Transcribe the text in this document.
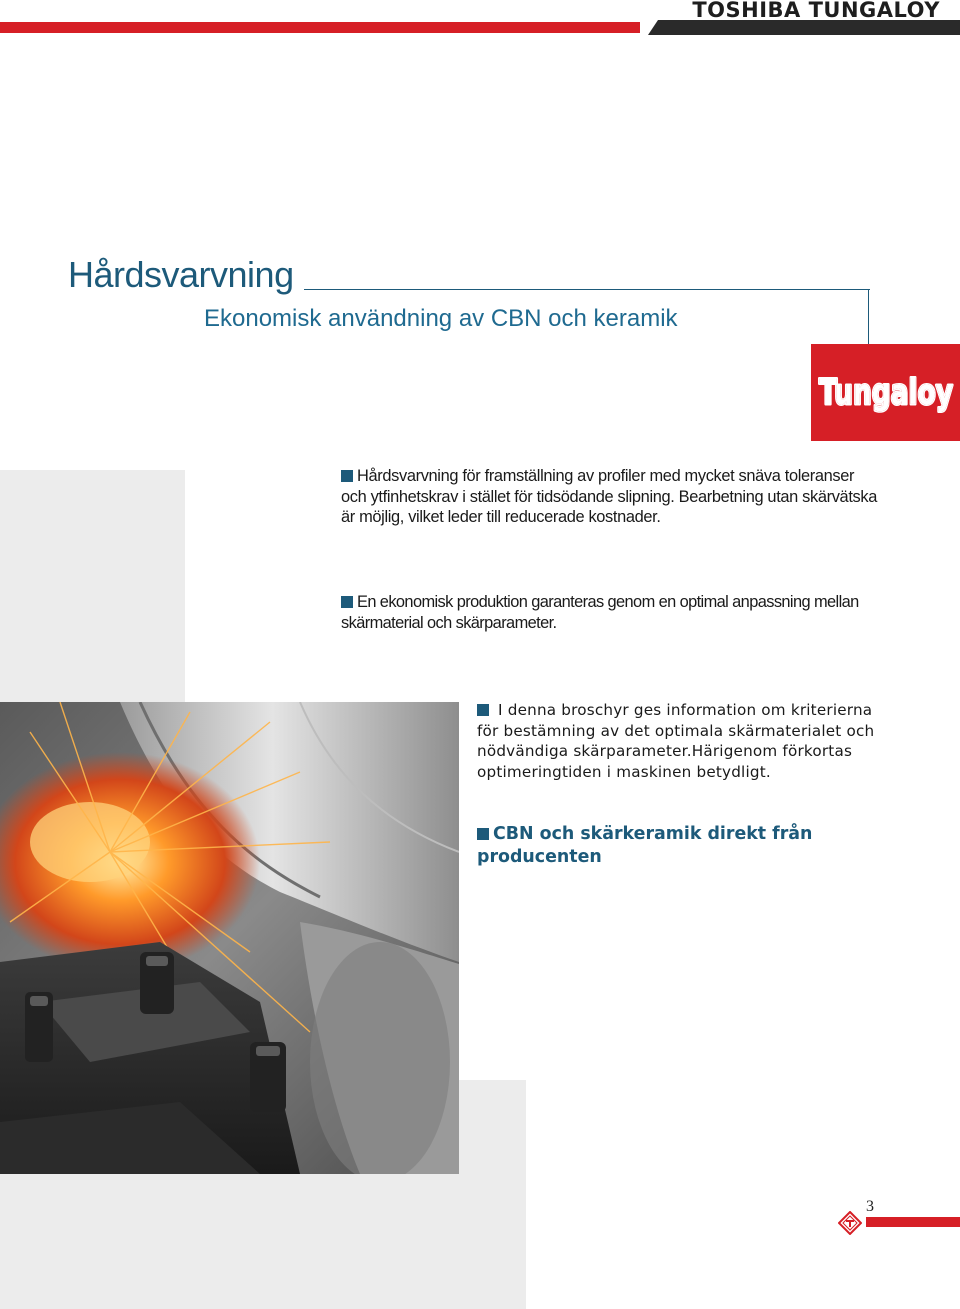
TOSHIBA TUNGALOY
Hårdsvarvning
Ekonomisk användning av CBN och keramik
Tungaloy
Tungaloy

Hårdsvarvning för framställning av profiler med mycket snäva toleranser och ytfinhetskrav i stället för tidsödande slipning. Bearbetning utan skärvätska är möjlig, vilket leder till reducerade kostnader.

En ekonomisk produktion garanteras genom en optimal anpassning mellan skärmaterial och skärparameter.

I denna broschyr ges information om kriterierna för bestämning av det optimala skärmaterialet och nödvändiga skärparameter.Härigenom förkortas optimeringtiden i maskinen betydligt.

CBN och skärkeramik direkt från producenten

3
